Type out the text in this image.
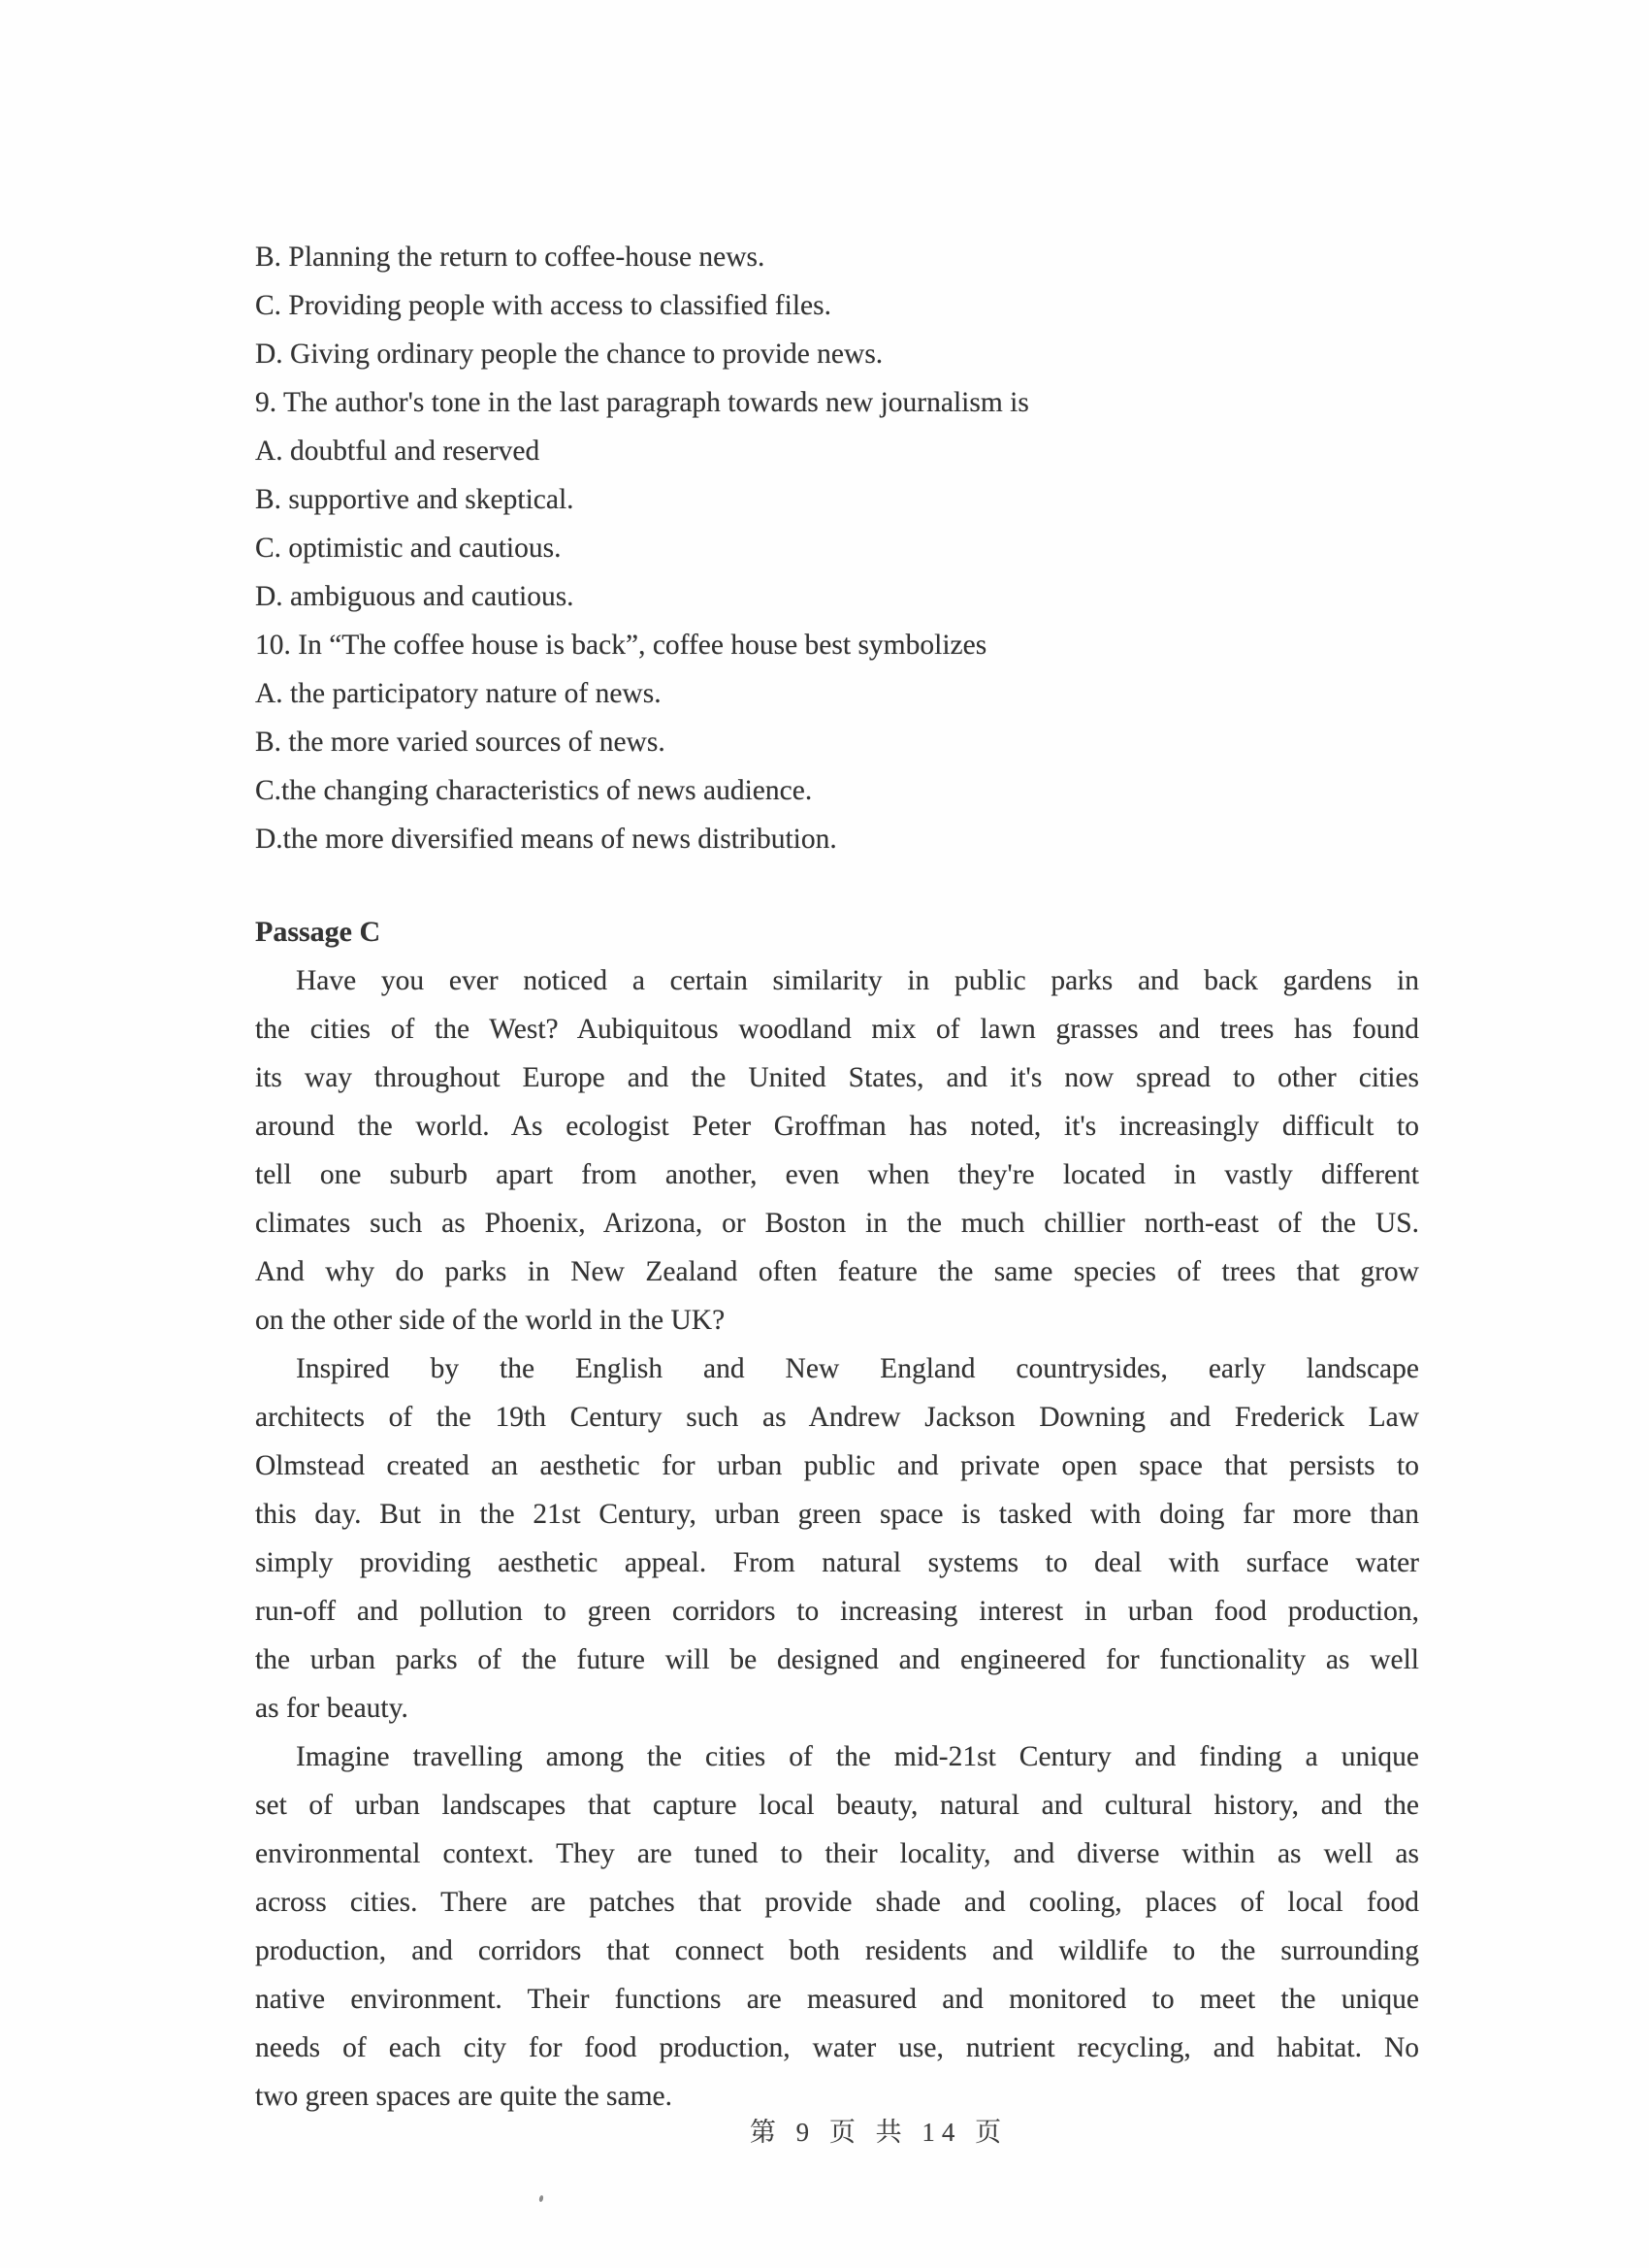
B. Planning the return to coffee-house news.
C. Providing people with access to classified files.
D. Giving ordinary people the chance to provide news.
9. The author's tone in the last paragraph towards new journalism is
A. doubtful and reserved
B. supportive and skeptical.
C. optimistic and cautious.
D. ambiguous and cautious.
10. In “The coffee house is back”, coffee house best symbolizes
A. the participatory nature of news.
B. the more varied sources of news.
C.the changing characteristics of news audience.
D.the more diversified means of news distribution.
Passage C
Have you ever noticed a certain similarity in public parks and back gardens in
the cities of the West? Aubiquitous woodland mix of lawn grasses and trees has found
its way throughout Europe and the United States, and it's now spread to other cities
around the world. As ecologist Peter Groffman has noted, it's increasingly difficult to
tell one suburb apart from another, even when they're located in vastly different
climates such as Phoenix, Arizona, or Boston in the much chillier north-east of the US.
And why do parks in New Zealand often feature the same species of trees that grow
on the other side of the world in the UK?
Inspired by the English and New England countrysides, early landscape
architects of the 19th Century such as Andrew Jackson Downing and Frederick Law
Olmstead created an aesthetic for urban public and private open space that persists to
this day. But in the 21st Century, urban green space is tasked with doing far more than
simply providing aesthetic appeal. From natural systems to deal with surface water
run-off and pollution to green corridors to increasing interest in urban food production,
the urban parks of the future will be designed and engineered for functionality as well
as for beauty.
Imagine travelling among the cities of the mid-21st Century and finding a unique
set of urban landscapes that capture local beauty, natural and cultural history, and the
environmental context. They are tuned to their locality, and diverse within as well as
across cities. There are patches that provide shade and cooling, places of local food
production, and corridors that connect both residents and wildlife to the surrounding
native environment. Their functions are measured and monitored to meet the unique
needs of each city for food production, water use, nutrient recycling, and habitat. No
two green spaces are quite the same.
第 9 页 共 14 页
